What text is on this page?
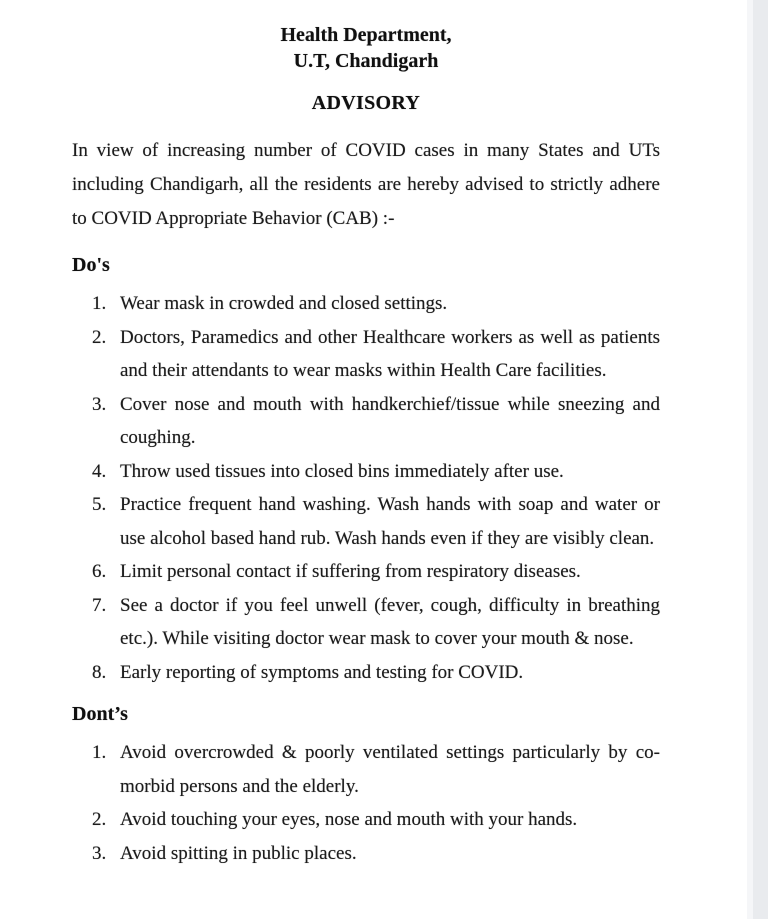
Health Department,
U.T, Chandigarh
ADVISORY

In view of increasing number of COVID cases in many States and UTs including Chandigarh, all the residents are hereby advised to strictly adhere to COVID Appropriate Behavior (CAB) :-

Do's
1. Wear mask in crowded and closed settings.
2. Doctors, Paramedics and other Healthcare workers as well as patients and their attendants to wear masks within Health Care facilities.
3. Cover nose and mouth with handkerchief/tissue while sneezing and coughing.
4. Throw used tissues into closed bins immediately after use.
5. Practice frequent hand washing. Wash hands with soap and water or use alcohol based hand rub. Wash hands even if they are visibly clean.
6. Limit personal contact if suffering from respiratory diseases.
7. See a doctor if you feel unwell (fever, cough, difficulty in breathing etc.). While visiting doctor wear mask to cover your mouth & nose.
8. Early reporting of symptoms and testing for COVID.
Dont’s
1. Avoid overcrowded & poorly ventilated settings particularly by co-morbid persons and the elderly.
2. Avoid touching your eyes, nose and mouth with your hands.
3. Avoid spitting in public places.
